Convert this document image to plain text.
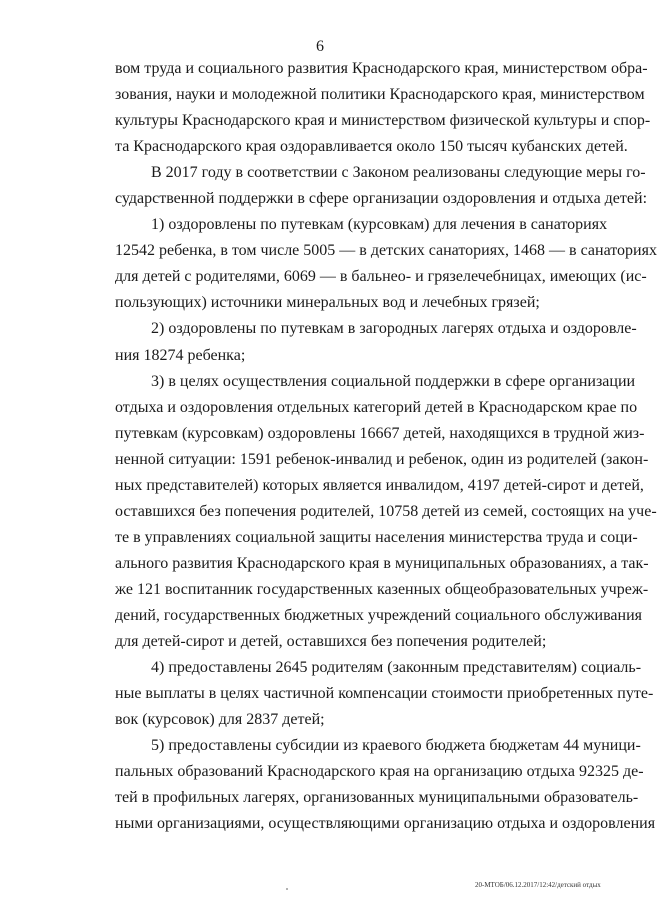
6
вом труда и социального развития Краснодарского края, министерством обра-
зования, науки и молодежной политики Краснодарского края, министерством
культуры Краснодарского края и министерством физической культуры и спор-
та Краснодарского края оздоравливается около 150 тысяч кубанских детей.
В 2017 году в соответствии с Законом реализованы следующие меры го-
сударственной поддержки в сфере организации оздоровления и отдыха детей:
1) оздоровлены по путевкам (курсовкам) для лечения в санаториях
12542 ребенка, в том числе 5005 — в детских санаториях, 1468 — в санаториях
для детей с родителями, 6069 — в бальнео- и грязелечебницах, имеющих (ис-
пользующих) источники минеральных вод и лечебных грязей;
2) оздоровлены по путевкам в загородных лагерях отдыха и оздоровле-
ния 18274 ребенка;
3) в целях осуществления социальной поддержки в сфере организации
отдыха и оздоровления отдельных категорий детей в Краснодарском крае по
путевкам (курсовкам) оздоровлены 16667 детей, находящихся в трудной жиз-
ненной ситуации: 1591 ребенок-инвалид и ребенок, один из родителей (закон-
ных представителей) которых является инвалидом, 4197 детей-сирот и детей,
оставшихся без попечения родителей, 10758 детей из семей, состоящих на уче-
те в управлениях социальной защиты населения министерства труда и соци-
ального развития Краснодарского края в муниципальных образованиях, а так-
же 121 воспитанник государственных казенных общеобразовательных учреж-
дений, государственных бюджетных учреждений социального обслуживания
для детей-сирот и детей, оставшихся без попечения родителей;
4) предоставлены 2645 родителям (законным представителям) социаль-
ные выплаты в целях частичной компенсации стоимости приобретенных путе-
вок (курсовок) для 2837 детей;
5) предоставлены субсидии из краевого бюджета бюджетам 44 муници-
пальных образований Краснодарского края на организацию отдыха 92325 де-
тей в профильных лагерях, организованных муниципальными образователь-
ными организациями, осуществляющими организацию отдыха и оздоровления
20-МТОБ/06.12.2017/12:42/детский отдых
